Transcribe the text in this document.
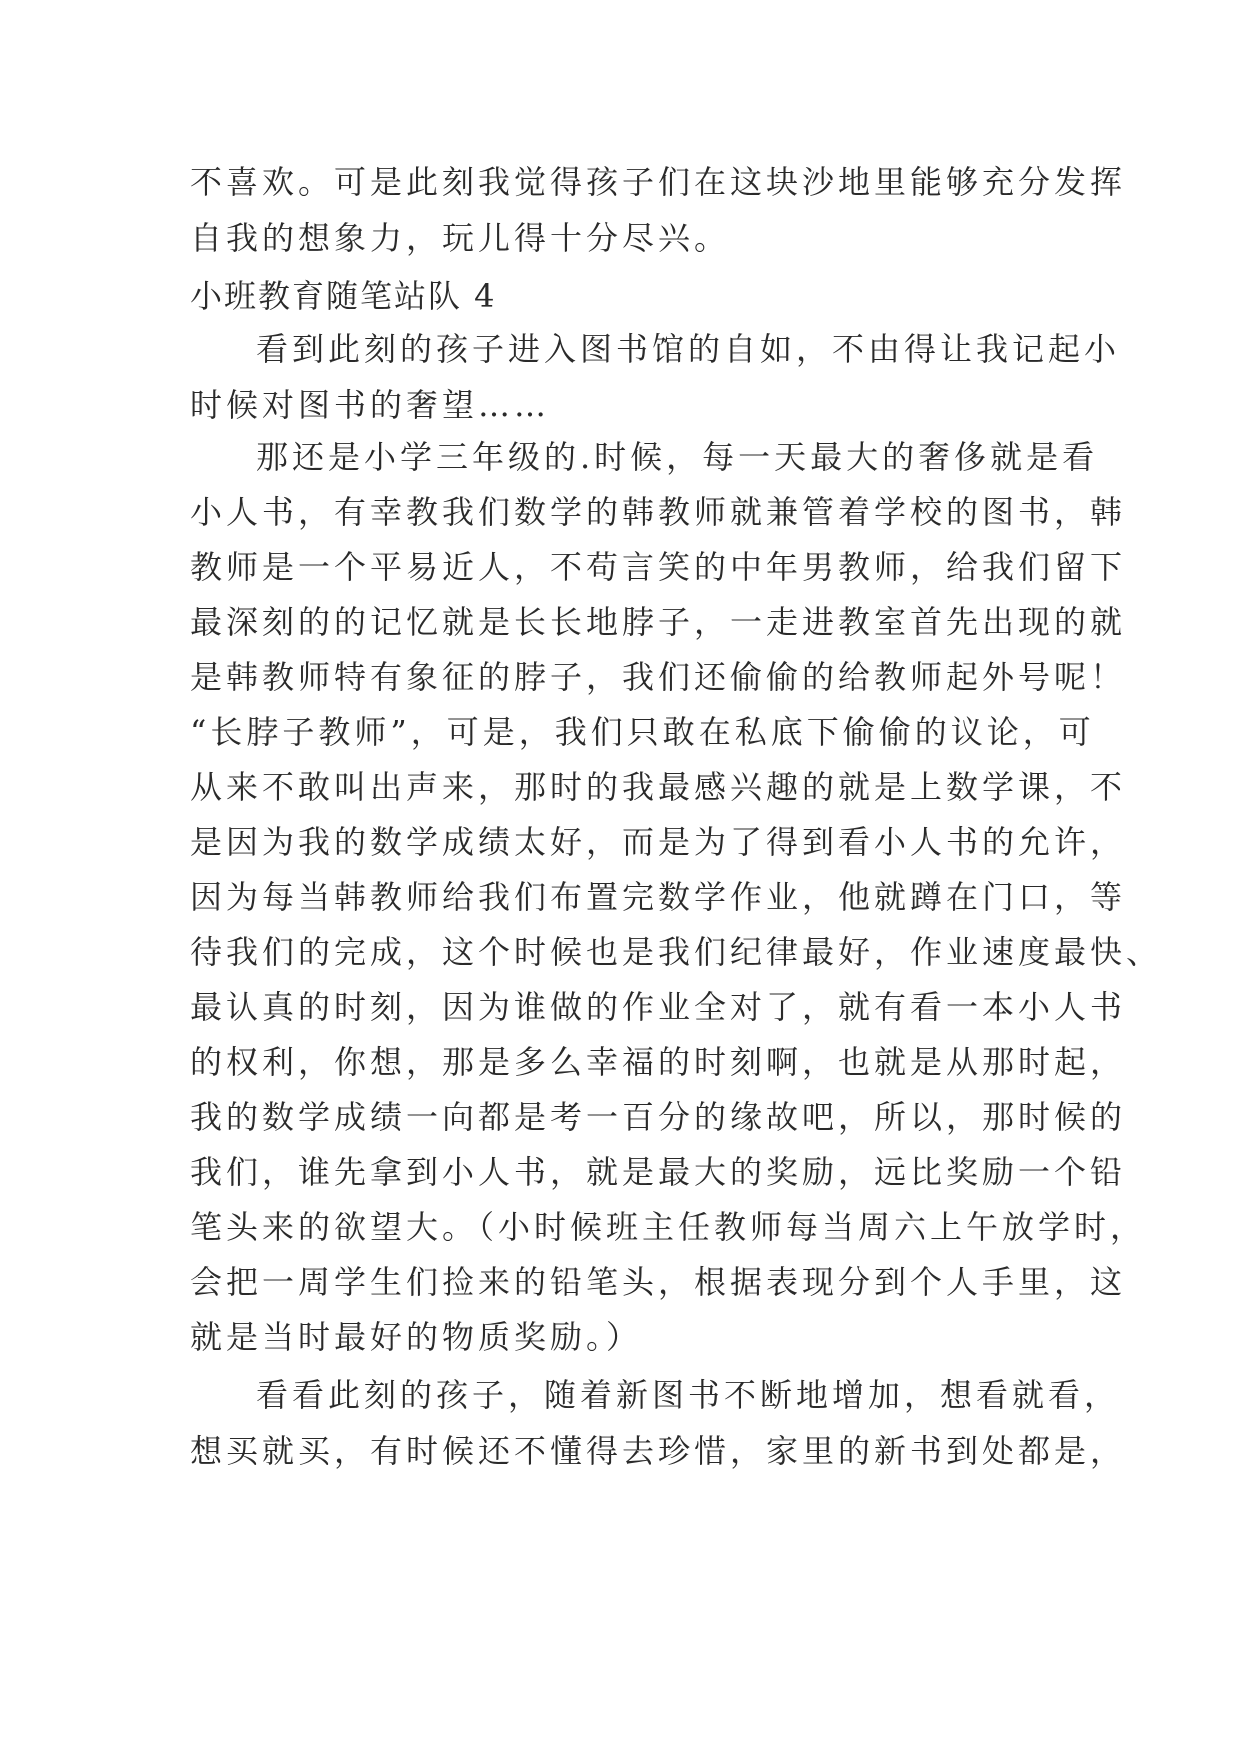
不喜欢。可是此刻我觉得孩子们在这块沙地里能够充分发挥
自我的想象力，玩儿得十分尽兴。
小班教育随笔站队 4
看到此刻的孩子进入图书馆的自如，不由得让我记起小
时候对图书的奢望……
那还是小学三年级的.时候，每一天最大的奢侈就是看
小人书，有幸教我们数学的韩教师就兼管着学校的图书，韩
教师是一个平易近人，不苟言笑的中年男教师，给我们留下
最深刻的的记忆就是长长地脖子，一走进教室首先出现的就
是韩教师特有象征的脖子，我们还偷偷的给教师起外号呢！
“长脖子教师”，可是，我们只敢在私底下偷偷的议论，可
从来不敢叫出声来，那时的我最感兴趣的就是上数学课，不
是因为我的数学成绩太好，而是为了得到看小人书的允许，
因为每当韩教师给我们布置完数学作业，他就蹲在门口，等
待我们的完成，这个时候也是我们纪律最好，作业速度最快、
最认真的时刻，因为谁做的作业全对了，就有看一本小人书
的权利，你想，那是多么幸福的时刻啊，也就是从那时起，
我的数学成绩一向都是考一百分的缘故吧，所以，那时候的
我们，谁先拿到小人书，就是最大的奖励，远比奖励一个铅
笔头来的欲望大。（小时候班主任教师每当周六上午放学时，
会把一周学生们捡来的铅笔头，根据表现分到个人手里，这
就是当时最好的物质奖励。）
看看此刻的孩子，随着新图书不断地增加，想看就看，
想买就买，有时候还不懂得去珍惜，家里的新书到处都是，
